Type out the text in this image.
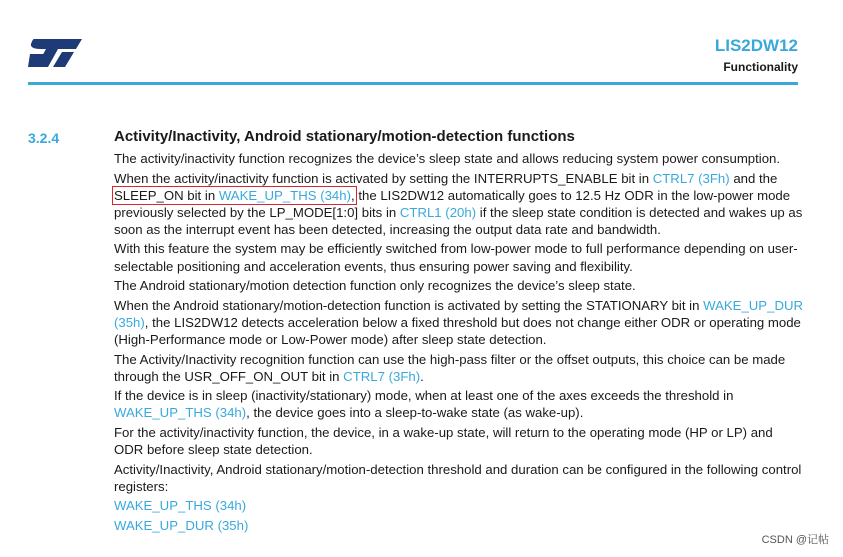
LIS2DW12
Functionality
3.2.4	Activity/Inactivity, Android stationary/motion-detection functions

The activity/inactivity function recognizes the device’s sleep state and allows reducing system power consumption.

When the activity/inactivity function is activated by setting the INTERRUPTS_ENABLE bit in CTRL7 (3Fh) and the SLEEP_ON bit in WAKE_UP_THS (34h), the LIS2DW12 automatically goes to 12.5 Hz ODR in the low-power mode previously selected by the LP_MODE[1:0] bits in CTRL1 (20h) if the sleep state condition is detected and wakes up as soon as the interrupt event has been detected, increasing the output data rate and bandwidth.

With this feature the system may be efficiently switched from low-power mode to full performance depending on user-selectable positioning and acceleration events, thus ensuring power saving and flexibility.

The Android stationary/motion detection function only recognizes the device’s sleep state.

When the Android stationary/motion-detection function is activated by setting the STATIONARY bit in WAKE_UP_DUR (35h), the LIS2DW12 detects acceleration below a fixed threshold but does not change either ODR or operating mode (High-Performance mode or Low-Power mode) after sleep state detection.

The Activity/Inactivity recognition function can use the high-pass filter or the offset outputs, this choice can be made through the USR_OFF_ON_OUT bit in CTRL7 (3Fh).

If the device is in sleep (inactivity/stationary) mode, when at least one of the axes exceeds the threshold in WAKE_UP_THS (34h), the device goes into a sleep-to-wake state (as wake-up).

For the activity/inactivity function, the device, in a wake-up state, will return to the operating mode (HP or LP) and ODR before sleep state detection.

Activity/Inactivity, Android stationary/motion-detection threshold and duration can be configured in the following control registers:

WAKE_UP_THS (34h)

WAKE_UP_DUR (35h)

CSDN @记帖
